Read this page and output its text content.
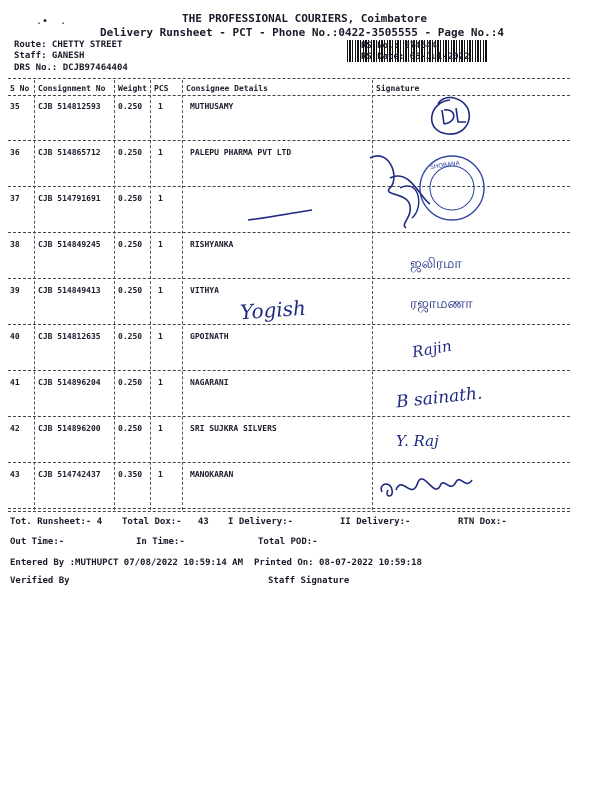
THE PROFESSIONAL COURIERS, Coimbatore
.•  .
Delivery Runsheet - PCT - Phone No.:0422-3505555 - Page No.:4
Route: CHETTY STREET
Staff: GANESH
DRS No.: DCJB97464404
RS No.: 974644
RS Date: 08-Jul-2022
S No Consignment No Weight PCS Consignee Details	Signature
35 CJB 514812593 0.250 1	MUTHUSAMY
36 CJB 514865712 0.250 1	PALEPU PHARMA PVT LTD
37 CJB 514791691 0.250 1
38 CJB 514849245 0.250 1	RISHYANKA
39 CJB 514849413 0.250 1	VITHYA
40 CJB 514812635 0.250 1	GPOINATH
41 CJB 514896204 0.250 1	NAGARANI
42 CJB 514896200 0.250 1	SRI SUJKRA SILVERS
43 CJB 514742437 0.350 1	MANOKARAN
Tot. Runsheet:- 4 Total Dox:-   43 I Delivery:-	II Delivery:-	RTN Dox:-
Out Time:-	In Time:-	Total POD:-
Entered By :MUTHUPCT 07/08/2022 10:59:14 AM Printed On: 08-07-2022 10:59:18
Verified By	Staff Signature
SHOBANA
ஜலிரமா
ரஜாமணா
Yogish
Rajin
B sainath.
Y. Raj
